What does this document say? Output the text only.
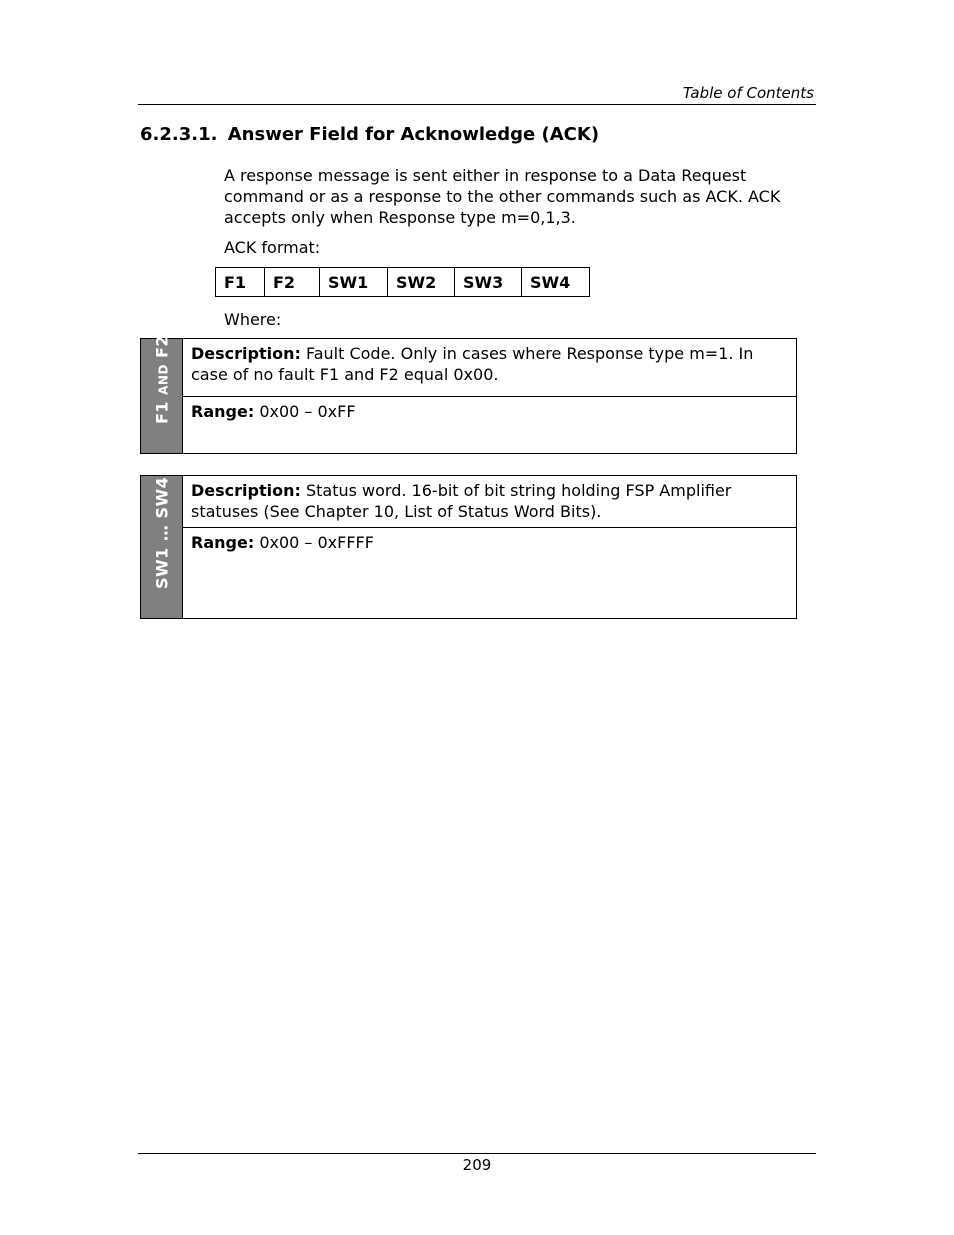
Table of Contents
6.2.3.1. Answer Field for Acknowledge (ACK)
A response message is sent either in response to a Data Request command or as a response to the other commands such as ACK. ACK accepts only when Response type m=0,1,3.
ACK format:
F1	F2	SW1	SW2	SW3	SW4
Where:
F1 AND F2	Description: Fault Code. Only in cases where Response type m=1. In case of no fault F1 and F2 equal 0x00.
Range: 0x00 – 0xFF
SW1 … SW4	Description: Status word. 16-bit of bit string holding FSP Amplifier statuses (See Chapter 10, List of Status Word Bits).
Range: 0x00 – 0xFFFF
209
